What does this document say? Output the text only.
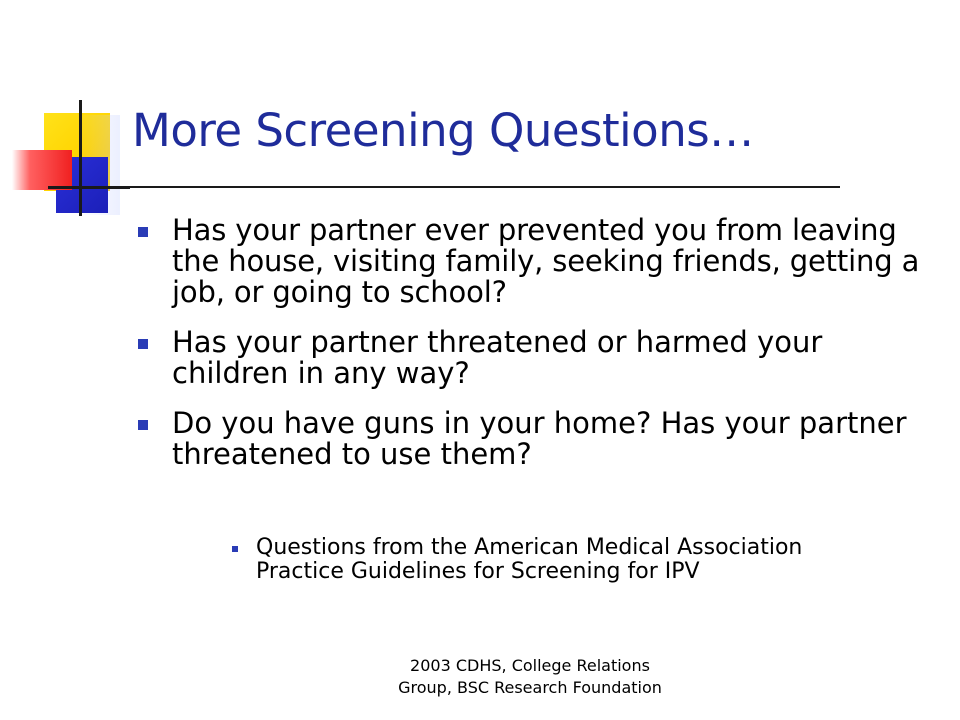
More Screening Questions…
Has your partner ever prevented you from leaving the house, visiting family, seeking friends, getting a job, or going to school?
Has your partner threatened or harmed your children in any way?
Do you have guns in your home? Has your partner threatened to use them?
Questions from the American Medical Association Practice Guidelines for Screening for IPV
2003 CDHS, College Relations
Group, BSC Research Foundation
